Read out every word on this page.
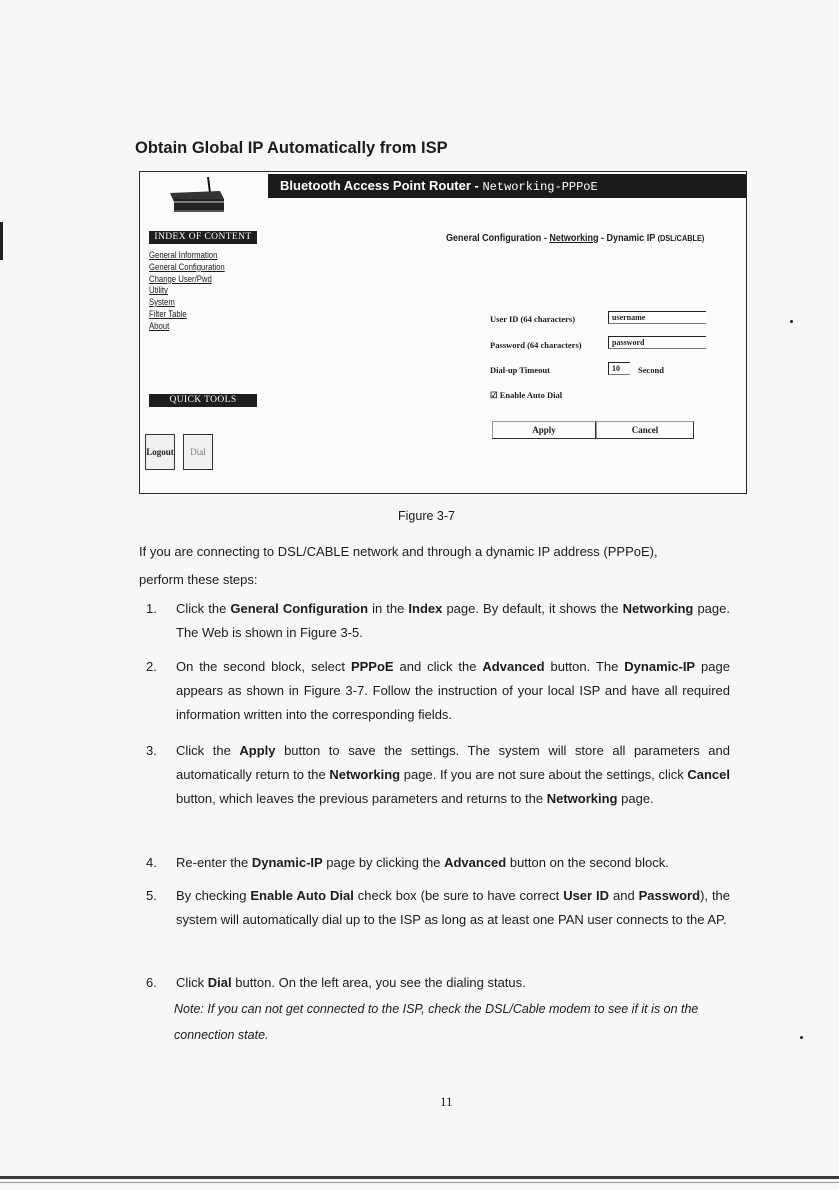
Obtain Global IP Automatically from ISP
Bluetooth Access Point Router - Networking-PPPoE
INDEX OF CONTENT
General Information
General Configuration
Change User/Pwd
Utility
System
Filter Table
About
QUICK TOOLS
Logout	Dial
General Configuration - Networking - Dynamic IP (DSL/CABLE)
User ID (64 characters)	username
Password (64 characters)	password
Dial-up Timeout	10	Second
☑ Enable Auto Dial
Apply	Cancel
Figure 3-7

If you are connecting to DSL/CABLE network and through a dynamic IP address (PPPoE),

perform these steps:

1. Click the General Configuration in the Index page. By default, it shows the Networking page. The Web is shown in Figure 3-5.

2. On the second block, select PPPoE and click the Advanced button. The Dynamic-IP page appears as shown in Figure 3-7. Follow the instruction of your local ISP and have all required information written into the corresponding fields.

3. Click the Apply button to save the settings. The system will store all parameters and automatically return to the Networking page. If you are not sure about the settings, click Cancel button, which leaves the previous parameters and returns to the Networking page.

4. Re-enter the Dynamic-IP page by clicking the Advanced button on the second block.

5. By checking Enable Auto Dial check box (be sure to have correct User ID and Password), the system will automatically dial up to the ISP as long as at least one PAN user connects to the AP.

6. Click Dial button. On the left area, you see the dialing status.

Note: If you can not get connected to the ISP, check the DSL/Cable modem to see if it is on the connection state.

11
